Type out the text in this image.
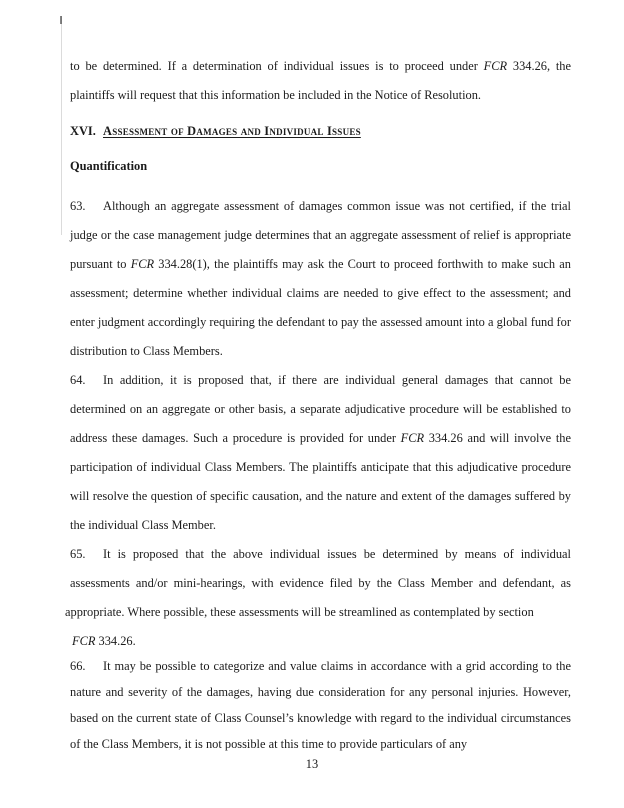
to be determined. If a determination of individual issues is to proceed under FCR 334.26, the plaintiffs will request that this information be included in the Notice of Resolution.

XVI. Assessment of Damages and Individual Issues
Quantification

63. Although an aggregate assessment of damages common issue was not certified, if the trial judge or the case management judge determines that an aggregate assessment of relief is appropriate pursuant to FCR 334.28(1), the plaintiffs may ask the Court to proceed forthwith to make such an assessment; determine whether individual claims are needed to give effect to the assessment; and enter judgment accordingly requiring the defendant to pay the assessed amount into a global fund for distribution to Class Members.

64. In addition, it is proposed that, if there are individual general damages that cannot be determined on an aggregate or other basis, a separate adjudicative procedure will be established to address these damages. Such a procedure is provided for under FCR 334.26 and will involve the participation of individual Class Members. The plaintiffs anticipate that this adjudicative procedure will resolve the question of specific causation, and the nature and extent of the damages suffered by the individual Class Member.

65. It is proposed that the above individual issues be determined by means of individual

assessments and/or mini-hearings, with evidence filed by the Class Member and defendant, as

appropriate. Where possible, these assessments will be streamlined as contemplated by section

FCR 334.26.

66. It may be possible to categorize and value claims in accordance with a grid according to the nature and severity of the damages, having due consideration for any personal injuries. However, based on the current state of Class Counsel’s knowledge with regard to the individual circumstances of the Class Members, it is not possible at this time to provide particulars of any

13
